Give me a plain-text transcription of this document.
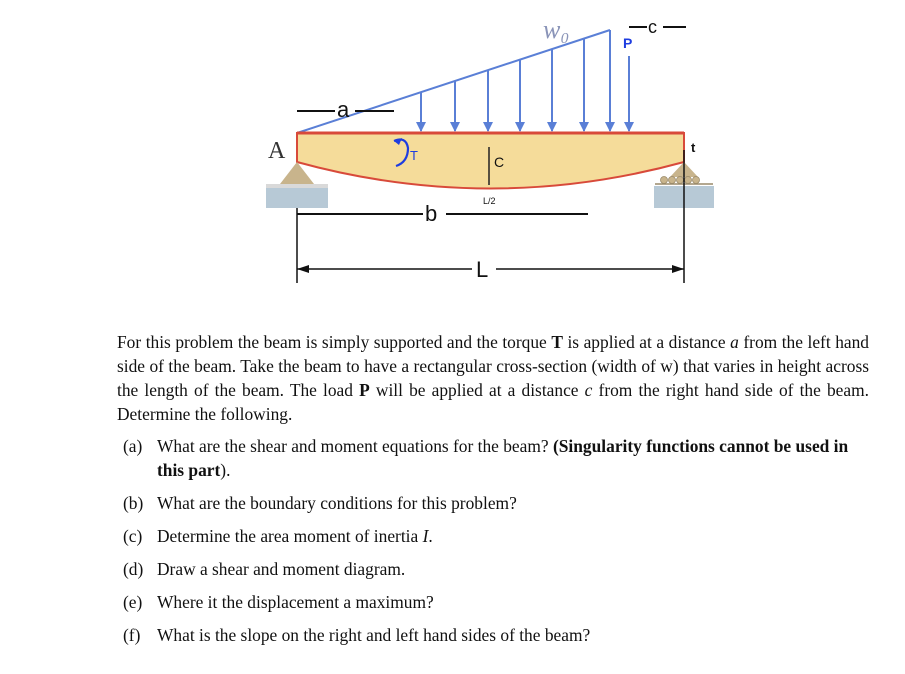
A
a
w₀	P
c
T	C
L/2
b
L
t

For this problem the beam is simply supported and the torque T is applied at a distance a from the left hand side of the beam. Take the beam to have a rectangular cross-section (width of w) that varies in height across the length of the beam. The load P will be applied at a distance c from the right hand side of the beam. Determine the following.

(a) What are the shear and moment equations for the beam? (Singularity functions cannot be used in this part).
(b) What are the boundary conditions for this problem?
(c) Determine the area moment of inertia I.
(d) Draw a shear and moment diagram.
(e) Where it the displacement a maximum?
(f) What is the slope on the right and left hand sides of the beam?
